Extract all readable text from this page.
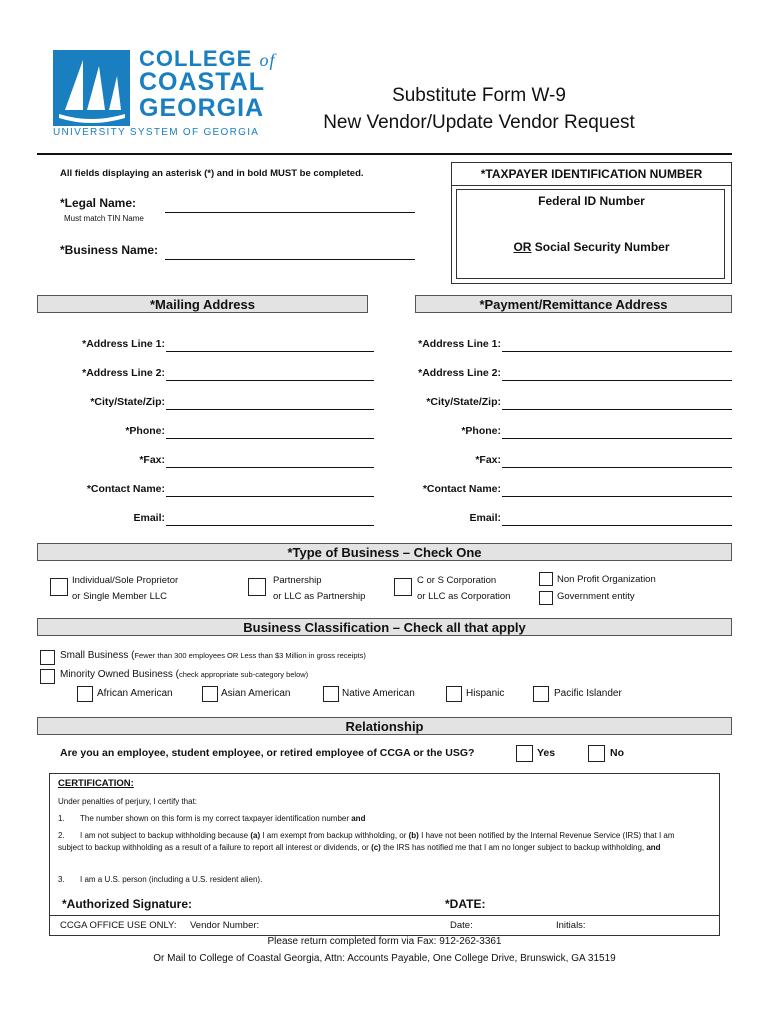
COLLEGE of
COASTAL
GEORGIA
UNIVERSITY SYSTEM OF GEORGIA
Substitute Form W-9
New Vendor/Update Vendor Request
All fields displaying an asterisk (*) and in bold MUST be completed.
*Legal Name:
Must match TIN Name
*Business Name:
*TAXPAYER IDENTIFICATION NUMBER
Federal ID Number
OR Social Security Number
*Mailing Address	*Payment/Remittance Address
*Address Line 1:
*Address Line 2:
*City/State/Zip:
*Phone:
*Fax:
*Contact Name:
Email:
*Address Line 1:
*Address Line 2:
*City/State/Zip:
*Phone:
*Fax:
*Contact Name:
Email:
*Type of Business – Check One
Individual/Sole Proprietor
or Single Member LLC
Partnership
or LLC as Partnership
C or S Corporation
or LLC as Corporation
Non Profit Organization
Government entity
Business Classification – Check all that apply
Small Business (Fewer than 300 employees OR Less than $3 Million in gross receipts)
Minority Owned Business (check appropriate sub-category below)
African American	Asian American	Native American	Hispanic	Pacific Islander
Relationship
Are you an employee, student employee, or retired employee of CCGA or the USG?	Yes	No
CERTIFICATION:
Under penalties of perjury, I certify that:
1. The number shown on this form is my correct taxpayer identification number and
2.	I am not subject to backup withholding because (a) I am exempt from backup withholding, or (b) I have not been notified by the Internal Revenue Service (IRS) that I am subject to backup withholding as a result of a failure to report all interest or dividends, or (c) the IRS has notified me that I am no longer subject to backup withholding, and
3. I am a U.S. person (including a U.S. resident alien).
*Authorized Signature:	*DATE:
CCGA OFFICE USE ONLY: Vendor Number:	Date:	Initials:
Please return completed form via Fax: 912-262-3361
Or Mail to College of Coastal Georgia, Attn: Accounts Payable, One College Drive, Brunswick, GA 31519
